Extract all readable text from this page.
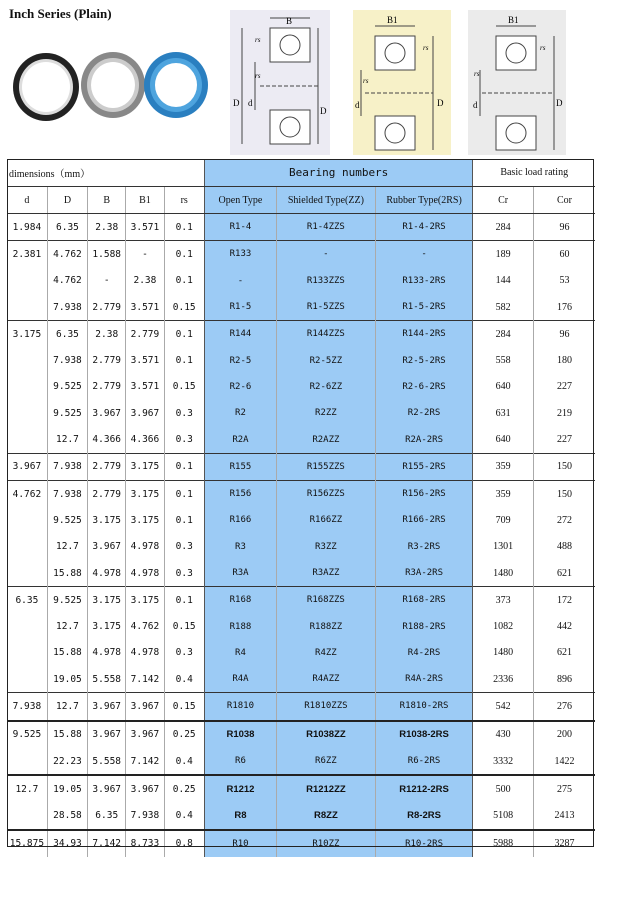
Inch Series (Plain)	B
rs
rs
D d
D
B1
rs
rs
d	D
B1
rs
rs
d	D
dimensions（mm）					Bearing numbers			Basic load rating	
d	D	B	B1	rs	Open Type	Shielded Type(ZZ)	Rubber Type(2RS)	Cr	Cor
1.984	6.35	2.38	3.571	0.1	R1-4	R1-4ZZS	R1-4-2RS	284	96
2.381	4.762	1.588	-	0.1	R133	-	-	189	60
	4.762	-	2.38	0.1	-	R133ZZS	R133-2RS	144	53
	7.938	2.779	3.571	0.15	R1-5	R1-5ZZS	R1-5-2RS	582	176
3.175	6.35	2.38	2.779	0.1	R144	R144ZZS	R144-2RS	284	96
	7.938	2.779	3.571	0.1	R2-5	R2-5ZZ	R2-5-2RS	558	180
	9.525	2.779	3.571	0.15	R2-6	R2-6ZZ	R2-6-2RS	640	227
	9.525	3.967	3.967	0.3	R2	R2ZZ	R2-2RS	631	219
	12.7	4.366	4.366	0.3	R2A	R2AZZ	R2A-2RS	640	227
3.967	7.938	2.779	3.175	0.1	R155	R155ZZS	R155-2RS	359	150
4.762	7.938	2.779	3.175	0.1	R156	R156ZZS	R156-2RS	359	150
	9.525	3.175	3.175	0.1	R166	R166ZZ	R166-2RS	709	272
	12.7	3.967	4.978	0.3	R3	R3ZZ	R3-2RS	1301	488
	15.88	4.978	4.978	0.3	R3A	R3AZZ	R3A-2RS	1480	621
6.35	9.525	3.175	3.175	0.1	R168	R168ZZS	R168-2RS	373	172
	12.7	3.175	4.762	0.15	R188	R188ZZ	R188-2RS	1082	442
	15.88	4.978	4.978	0.3	R4	R4ZZ	R4-2RS	1480	621
	19.05	5.558	7.142	0.4	R4A	R4AZZ	R4A-2RS	2336	896
7.938	12.7	3.967	3.967	0.15	R1810	R1810ZZS	R1810-2RS	542	276
9.525	15.88	3.967	3.967	0.25	R1038	R1038ZZ	R1038-2RS	430	200
	22.23	5.558	7.142	0.4	R6	R6ZZ	R6-2RS	3332	1422
12.7	19.05	3.967	3.967	0.25	R1212	R1212ZZ	R1212-2RS	500	275
	28.58	6.35	7.938	0.4	R8	R8ZZ	R8-2RS	5108	2413
15.875	34.93	7.142	8.733	0.8	R10	R10ZZ	R10-2RS	5988	3287
